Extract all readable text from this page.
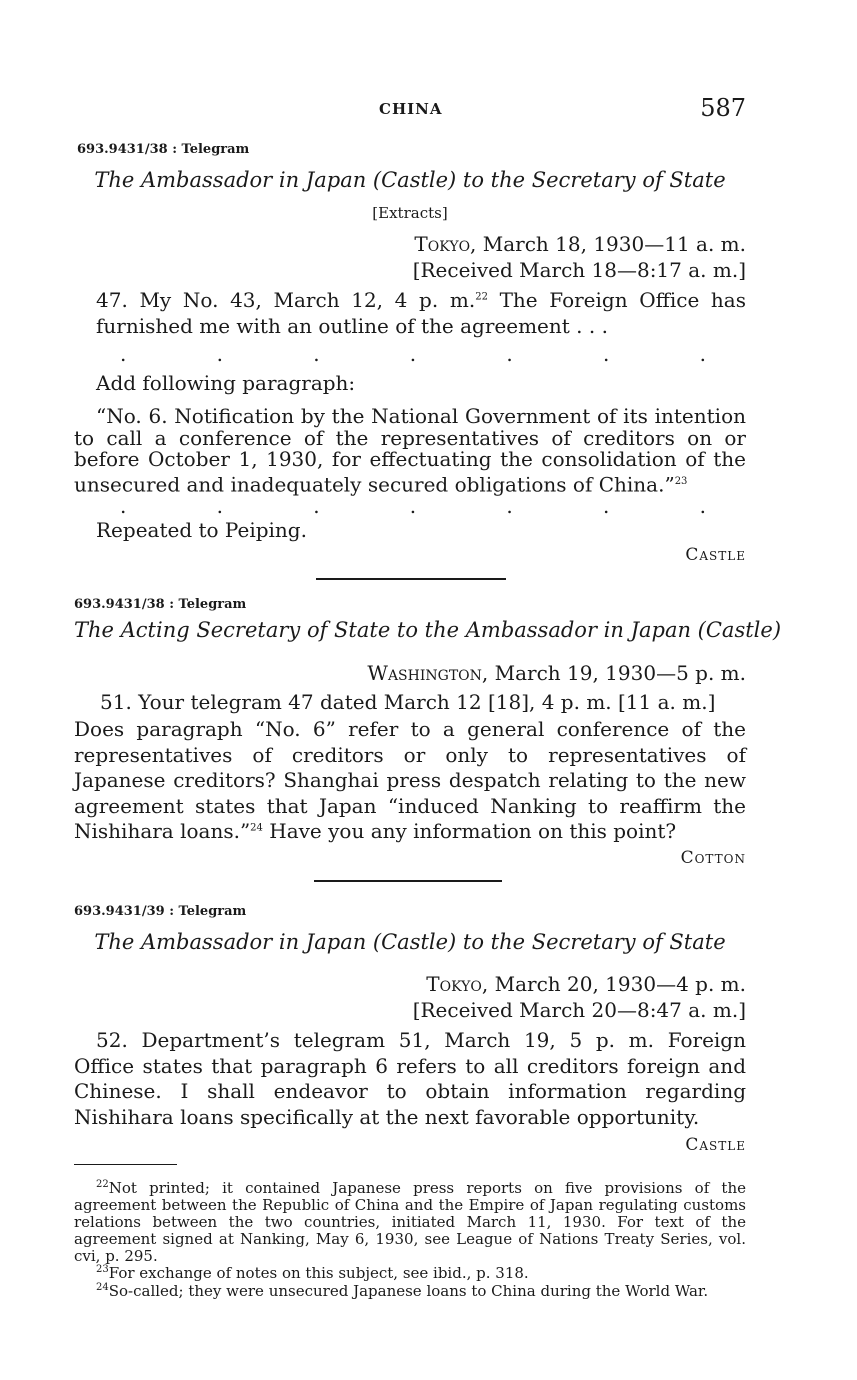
CHINA	587
693.9431/38 : Telegram
The Ambassador in Japan (Castle) to the Secretary of State
[Extracts]
Tokyo, March 18, 1930—11 a. m.
[Received March 18—8:17 a. m.]
47. My No. 43, March 12, 4 p. m.$^{22}$ The Foreign Office has furnished me with an outline of the agreement . . .
.	.	.	.	.	.	.
Add following paragraph:
“No. 6. Notification by the National Government of its intention to call a conference of the representatives of creditors on or before October 1, 1930, for effectuating the consolidation of the unsecured and inadequately secured obligations of China.”$^{23}$
.	.	.	.	.	.	.
Repeated to Peiping.
Castle
693.9431/38 : Telegram
The Acting Secretary of State to the Ambassador in Japan (Castle)
Washington, March 19, 1930—5 p. m.
51. Your telegram 47 dated March 12 [18], 4 p. m. [11 a. m.]
Does paragraph “No. 6” refer to a general conference of the representatives of creditors or only to representatives of Japanese creditors? Shanghai press despatch relating to the new agreement states that Japan “induced Nanking to reaffirm the Nishihara loans.”$^{24}$ Have you any information on this point?
Cotton
693.9431/39 : Telegram
The Ambassador in Japan (Castle) to the Secretary of State
Tokyo, March 20, 1930—4 p. m.
[Received March 20—8:47 a. m.]
52. Department’s telegram 51, March 19, 5 p. m. Foreign Office states that paragraph 6 refers to all creditors foreign and Chinese. I shall endeavor to obtain information regarding Nishihara loans specifically at the next favorable opportunity.
Castle
$^{22}$Not printed; it contained Japanese press reports on five provisions of the agreement between the Republic of China and the Empire of Japan regulating customs relations between the two countries, initiated March 11, 1930. For text of the agreement signed at Nanking, May 6, 1930, see League of Nations Treaty Series, vol. cvi, p. 295.
$^{23}$For exchange of notes on this subject, see ibid., p. 318.
$^{24}$So-called; they were unsecured Japanese loans to China during the World War.
